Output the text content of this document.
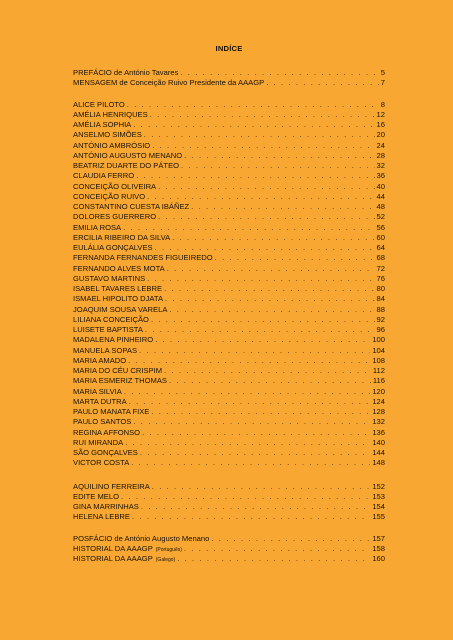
INDÍCE
PREFÁCIO de António Tavares . . .	5
MENSAGEM de Conceição Ruivo Presidente da AAAGP . . .	7
ALICE PILOTO . . .	8
AMÉLIA HENRIQUES . . .	12
AMÉLIA SOPHIA . . .	16
ANSELMO SIMÕES . . .	20
ANTÓNIO AMBRÓSIO . . .	24
ANTÓNIO AUGUSTO MENANO . . .	28
BEATRIZ DUARTE DO PÁTEO . . .	32
CLAUDIA FERRO . . .	36
CONCEIÇÃO OLIVEIRA . . .	40
CONCEIÇÃO RUIVO . . .	44
CONSTANTINO CUESTA IBÁÑEZ . . .	48
DOLORES GUERRERO . . .	52
EMILIA ROSA . . .	56
ERCILIA RIBEIRO DA SILVA . . .	60
EULÁLIA GONÇALVES . . .	64
FERNANDA FERNANDES FIGUEIREDO . . .	68
FERNANDO ALVES MOTA . . .	72
GUSTAVO MARTINS . . .	76
ISABEL TAVARES LEBRE . . .	80
ISMAEL HIPOLITO DJATA . . .	84
JOAQUIM SOUSA VARELA . . .	88
LILIANA CONCEIÇÃO . . .	92
LUISETE BAPTISTA . . .	96
MADALENA PINHEIRO . . .	100
MANUELA SOPAS . . .	104
MARIA AMADO . . .	108
MARIA DO CÉU CRISPIM . . .	112
MARIA ESMERIZ THOMAS . . .	116
MARIA SILVIA . . .	120
MARTA DUTRA . . .	124
PAULO MANATA FIXE . . .	128
PAULO SANTOS . . .	132
REGINA AFFONSO . . .	136
RUI MIRANDA . . .	140
SÃO GONÇALVES . . .	144
VICTOR COSTA . . .	148
AQUILINO FERREIRA . . .	152
EDITE MELO . . .	153
GINA MARRINHAS . . .	154
HELENA LEBRE . . .	155
POSFÁCIO de António Augusto Menano . . .	157
HISTORIAL DA AAAGP (Português) . . .	158
HISTORIAL DA AAAGP (Galego) . . .	160
